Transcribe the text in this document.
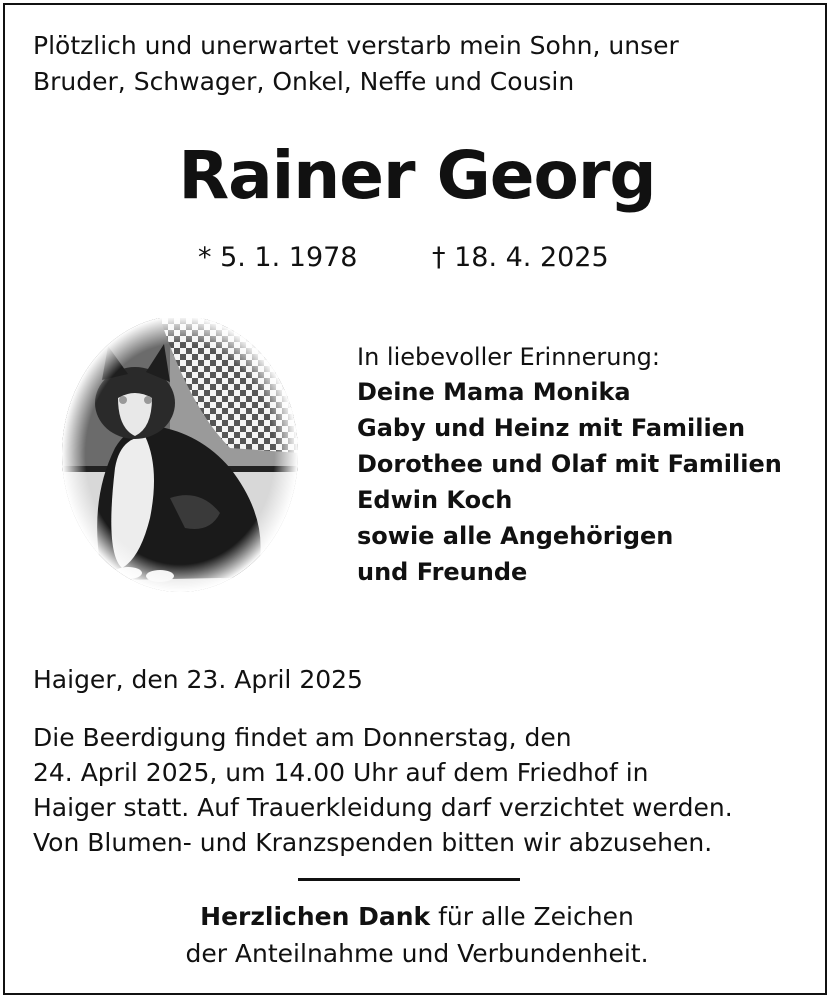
Plötzlich und unerwartet verstarb mein Sohn, unser
Bruder, Schwager, Onkel, Neffe und Cousin
Rainer Georg
* 5. 1. 1978	† 18. 4. 2025
In liebevoller Erinnerung:
Deine Mama Monika
Gaby und Heinz mit Familien
Dorothee und Olaf mit Familien
Edwin Koch
sowie alle Angehörigen
und Freunde
Haiger, den 23. April 2025
Die Beerdigung findet am Donnerstag, den
24. April 2025, um 14.00 Uhr auf dem Friedhof in
Haiger statt. Auf Trauerkleidung darf verzichtet werden.
Von Blumen- und Kranzspenden bitten wir abzusehen.
Herzlichen Dank für alle Zeichen
der Anteilnahme und Verbundenheit.
